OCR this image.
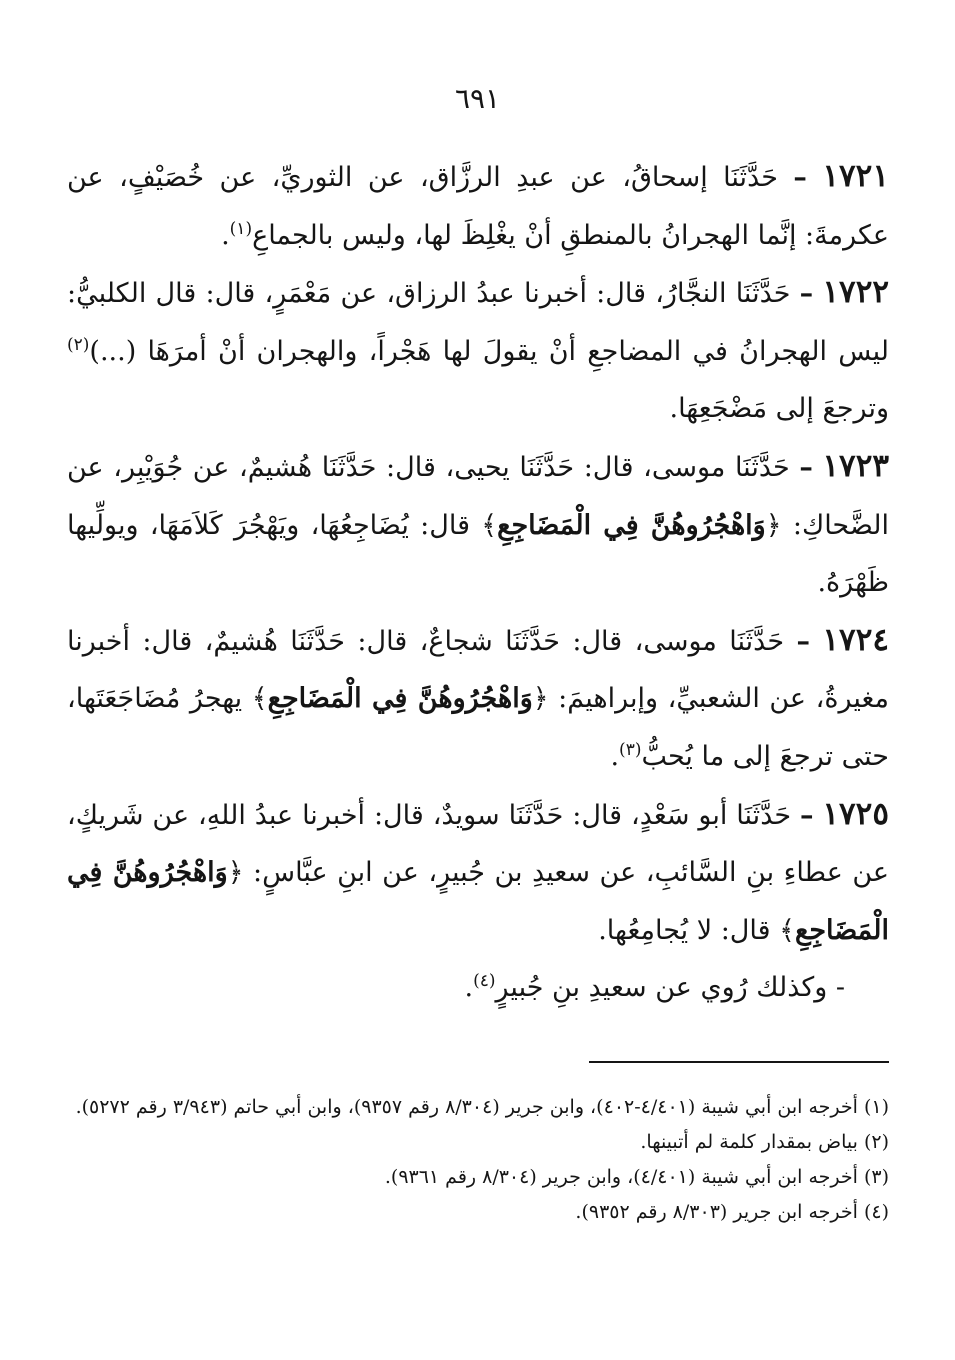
٦٩١

١٧٢١ – حَدَّثَنَا إسحاقُ، عن عبدِ الرزَّاق، عن الثوريِّ، عن خُصَيْفٍ، عن عكرمةَ: إنَّما الهجرانُ بالمنطقِ أنْ يغْلِظَ لها، وليس بالجماعِ$^{(١)}$.

١٧٢٢ – حَدَّثَنَا النجَّارُ، قال: أخبرنا عبدُ الرزاق، عن مَعْمَرٍ، قال: قال الكلبيُّ: ليس الهجرانُ في المضاجعِ أنْ يقولَ لها هَجْراً، والهجران أنْ أمرَهَا (...)$^{(٢)}$ وترجعَ إلى مَضْجَعِهَا.

١٧٢٣ – حَدَّثَنَا موسى، قال: حَدَّثَنَا يحيى، قال: حَدَّثَنَا هُشيمٌ، عن جُوَيْبِر، عن الضَّحاكِ: ﴿وَاهْجُرُوهُنَّ فِي الْمَضَاجِعِ﴾ قال: يُضَاجِعُهَا، ويَهْجُرَ كَلاَمَهَا، ويولِّيها ظَهْرَهُ.

١٧٢٤ – حَدَّثَنَا موسى، قال: حَدَّثَنَا شجاعٌ، قال: حَدَّثَنَا هُشيمٌ، قال: أخبرنا مغيرةُ، عن الشعبيِّ، وإبراهيمَ: ﴿وَاهْجُرُوهُنَّ فِي الْمَضَاجِعِ﴾ يهجرُ مُضَاجَعَتَها، حتى ترجعَ إلى ما يُحبُّ$^{(٣)}$.

١٧٢٥ – حَدَّثَنَا أبو سَعْدٍ، قال: حَدَّثَنَا سويدٌ، قال: أخبرنا عبدُ اللهِ، عن شَريكٍ، عن عطاءِ بنِ السَّائبِ، عن سعيدِ بن جُبيرٍ، عن ابنِ عبَّاسٍ: ﴿وَاهْجُرُوهُنَّ فِي الْمَضَاجِعِ﴾ قال: لا يُجامِعُها.

- وكذلك رُوي عن سعيدِ بنِ جُبيرٍ$^{(٤)}$.

(١) أخرجه ابن أبي شيبة (٤/٤٠١-٤٠٢)، وابن جرير (٨/٣٠٤ رقم ٩٣٥٧)، وابن أبي حاتم (٣/٩٤٣ رقم ٥٢٧٢).

(٢) بياض بمقدار كلمة لم أتبينها.

(٣) أخرجه ابن أبي شيبة (٤/٤٠١)، وابن جرير (٨/٣٠٤ رقم ٩٣٦١).

(٤) أخرجه ابن جرير (٨/٣٠٣ رقم ٩٣٥٢).
